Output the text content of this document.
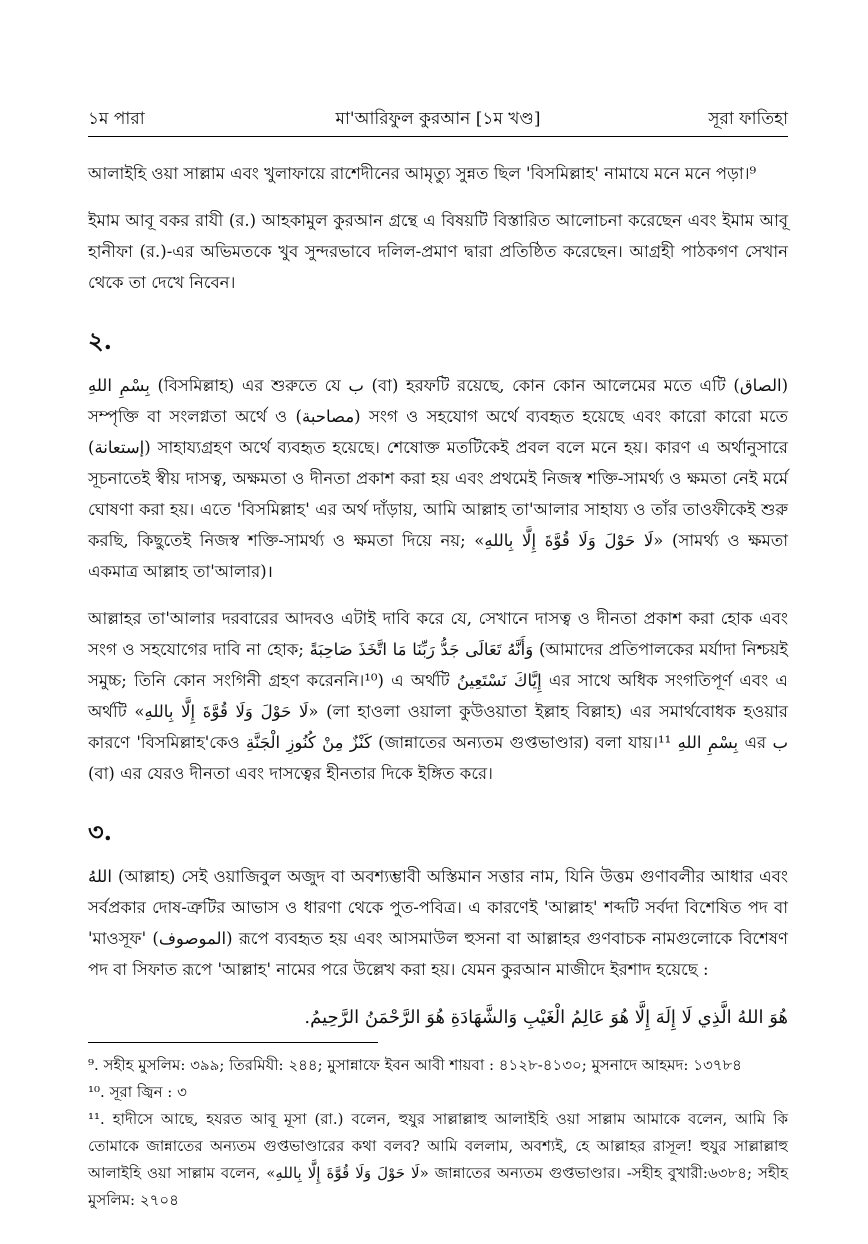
১ম পারা	মা'আরিফুল কুরআন [১ম খণ্ড]	সূরা ফাতিহা

আলাইহি ওয়া সাল্লাম এবং খুলাফায়ে রাশেদীনের আমৃত্যু সুন্নত ছিল 'বিসমিল্লাহ' নামাযে মনে মনে পড়া।⁹

ইমাম আবূ বকর রাযী (র.) আহকামুল কুরআন গ্রন্থে এ বিষয়টি বিস্তারিত আলোচনা করেছেন এবং ইমাম আবূ হানীফা (র.)-এর অভিমতকে খুব সুন্দরভাবে দলিল-প্রমাণ দ্বারা প্রতিষ্ঠিত করেছেন। আগ্রহী পাঠকগণ সেখান থেকে তা দেখে নিবেন।

২.

بِسْمِ اللهِ (বিসমিল্লাহ) এর শুরুতে যে ب (বা) হরফটি রয়েছে, কোন কোন আলেমের মতে এটি (الصاق) সম্পৃক্তি বা সংলগ্নতা অর্থে ও (مصاحبة) সংগ ও সহযোগ অর্থে ব্যবহৃত হয়েছে এবং কারো কারো মতে (إستعانة) সাহায্যগ্রহণ অর্থে ব্যবহৃত হয়েছে। শেষোক্ত মতটিকেই প্রবল বলে মনে হয়। কারণ এ অর্থানুসারে সূচনাতেই স্বীয় দাসত্ব, অক্ষমতা ও দীনতা প্রকাশ করা হয় এবং প্রথমেই নিজস্ব শক্তি-সামর্থ্য ও ক্ষমতা নেই মর্মে ঘোষণা করা হয়। এতে 'বিসমিল্লাহ' এর অর্থ দাঁড়ায়, আমি আল্লাহ তা'আলার সাহায্য ও তাঁর তাওফীকেই শুরু করছি, কিছুতেই নিজস্ব শক্তি-সামর্থ্য ও ক্ষমতা দিয়ে নয়; «لَا حَوْلَ وَلَا قُوَّةَ إِلَّا بِاللهِ» (সামর্থ্য ও ক্ষমতা একমাত্র আল্লাহ তা'আলার)।

আল্লাহর তা'আলার দরবারের আদবও এটাই দাবি করে যে, সেখানে দাসত্ব ও দীনতা প্রকাশ করা হোক এবং সংগ ও সহযোগের দাবি না হোক; وَأَنَّهُ تَعَالَى جَدُّ رَبِّنَا مَا اتَّخَذَ صَاحِبَةً (আমাদের প্রতিপালকের মর্যাদা নিশ্চয়ই সমুচ্চ; তিনি কোন সংগিনী গ্রহণ করেননি।¹⁰) এ অর্থটি إِيَّاكَ نَسْتَعِينُ এর সাথে অধিক সংগতিপূর্ণ এবং এ অর্থটি «لَا حَوْلَ وَلَا قُوَّةَ إِلَّا بِاللهِ» (লা হাওলা ওয়ালা কুউওয়াতা ইল্লাহ বিল্লাহ) এর সমার্থবোধক হওয়ার কারণে 'বিসমিল্লাহ'কেও كَنْزٌ مِنْ كُنُوزِ الْجَنَّةِ (জান্নাতের অন্যতম গুপ্তভাণ্ডার) বলা যায়।¹¹ بِسْمِ اللهِ এর ب (বা) এর যেরও দীনতা এবং দাসত্বের হীনতার দিকে ইঙ্গিত করে।

৩.

اللهُ (আল্লাহ) সেই ওয়াজিবুল অজুদ বা অবশ্যম্ভাবী অস্তিমান সত্তার নাম, যিনি উত্তম গুণাবলীর আধার এবং সর্বপ্রকার দোষ-ত্রুটির আভাস ও ধারণা থেকে পুত-পবিত্র। এ কারণেই 'আল্লাহ' শব্দটি সর্বদা বিশেষিত পদ বা 'মাওসূফ' (الموصوف) রূপে ব্যবহৃত হয় এবং আসমাউল হুসনা বা আল্লাহর গুণবাচক নামগুলোকে বিশেষণ পদ বা সিফাত রূপে 'আল্লাহ' নামের পরে উল্লেখ করা হয়। যেমন কুরআন মাজীদে ইরশাদ হয়েছে :

هُوَ اللهُ الَّذِي لَا إِلَهَ إِلَّا هُوَ عَالِمُ الْغَيْبِ وَالشَّهَادَةِ هُوَ الرَّحْمَنُ الرَّحِيمُ.

⁹. সহীহ মুসলিম: ৩৯৯; তিরমিযী: ২৪৪; মুসান্নাফে ইবন আবী শায়বা : ৪১২৮-৪১৩০; মুসনাদে আহমদ: ১৩৭৮৪

¹⁰. সূরা জ্বিন : ৩

¹¹. হাদীসে আছে, হযরত আবূ মূসা (রা.) বলেন, হুযুর সাল্লাল্লাহু আলাইহি ওয়া সাল্লাম আমাকে বলেন, আমি কি তোমাকে জান্নাতের অন্যতম গুপ্তভাণ্ডারের কথা বলব? আমি বললাম, অবশ্যই, হে আল্লাহর রাসূল! হুযুর সাল্লাল্লাহু আলাইহি ওয়া সাল্লাম বলেন, «لَا حَوْلَ وَلَا قُوَّةَ إِلَّا بِاللهِ» জান্নাতের অন্যতম গুপ্তভাণ্ডার। -সহীহ বুখারী:৬৩৮৪; সহীহ মুসলিম: ২৭০৪
